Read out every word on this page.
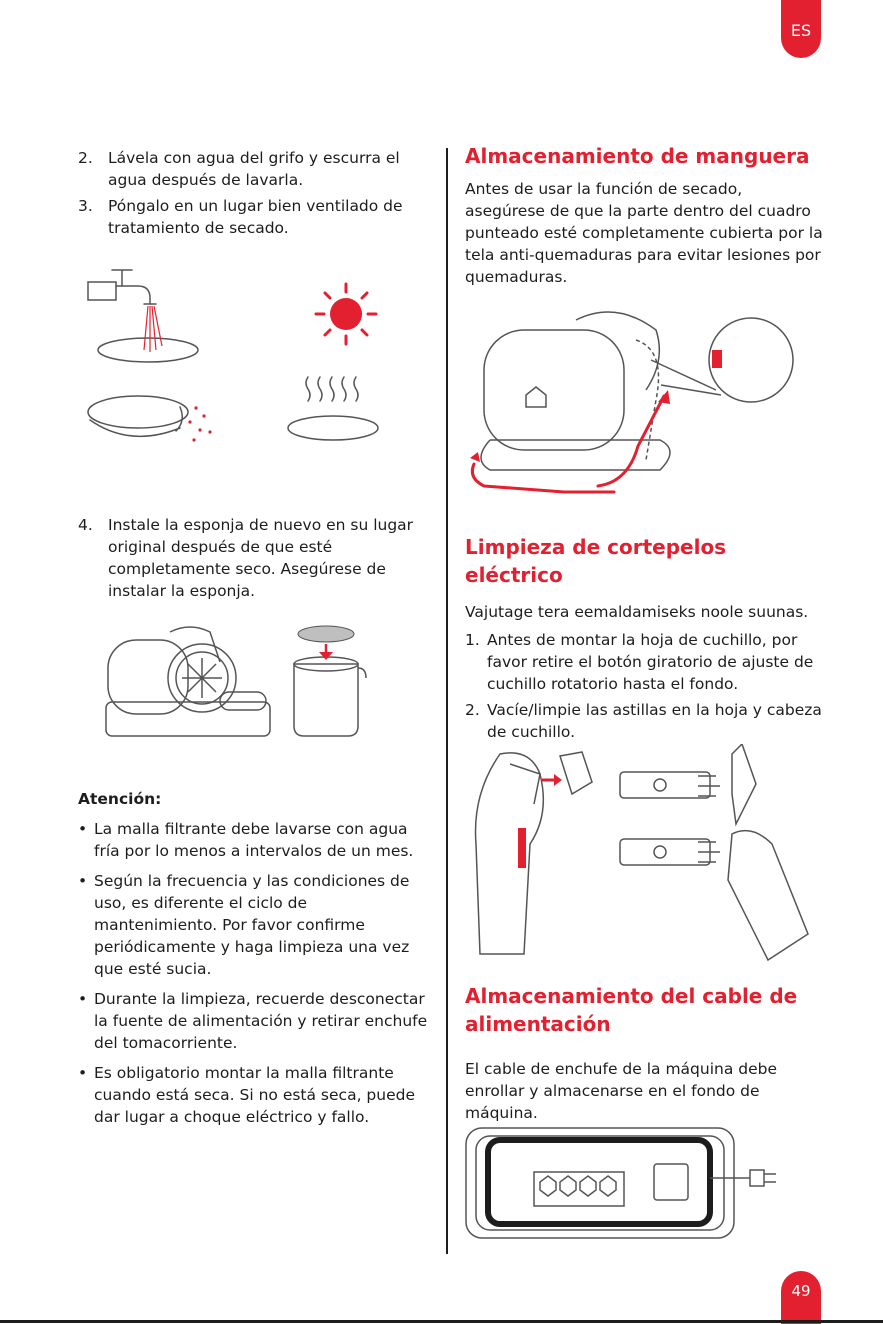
ES
2. Lávela con agua del grifo y escurra el agua después de lavarla.
3. Póngalo en un lugar bien ventilado de tratamiento de secado.
4. Instale la esponja de nuevo en su lugar original después de que esté completamente seco. Asegúrese de instalar la esponja.

Atención:

• La malla filtrante debe lavarse con agua fría por lo menos a intervalos de un mes.

• Según la frecuencia y las condiciones de uso, es diferente el ciclo de mantenimiento. Por favor confirme periódicamente y haga limpieza una vez que esté sucia.

• Durante la limpieza, recuerde desconectar la fuente de alimentación y retirar enchufe del tomacorriente.

• Es obligatorio montar la malla filtrante cuando está seca. Si no está seca, puede dar lugar a choque eléctrico y fallo.

Almacenamiento de manguera

Antes de usar la función de secado, asegúrese de que la parte dentro del cuadro punteado esté completamente cubierta por la tela anti-quemaduras para evitar lesiones por quemaduras.

Limpieza de cortepelos eléctrico

Vajutage tera eemaldamiseks noole suunas.

1. Antes de montar la hoja de cuchillo, por favor retire el botón giratorio de ajuste de cuchillo rotatorio hasta el fondo.
2. Vacíe/limpie las astillas en la hoja y cabeza de cuchillo.
Almacenamiento del cable de alimentación

El cable de enchufe de la máquina debe enrollar y almacenarse en el fondo de máquina.

49
